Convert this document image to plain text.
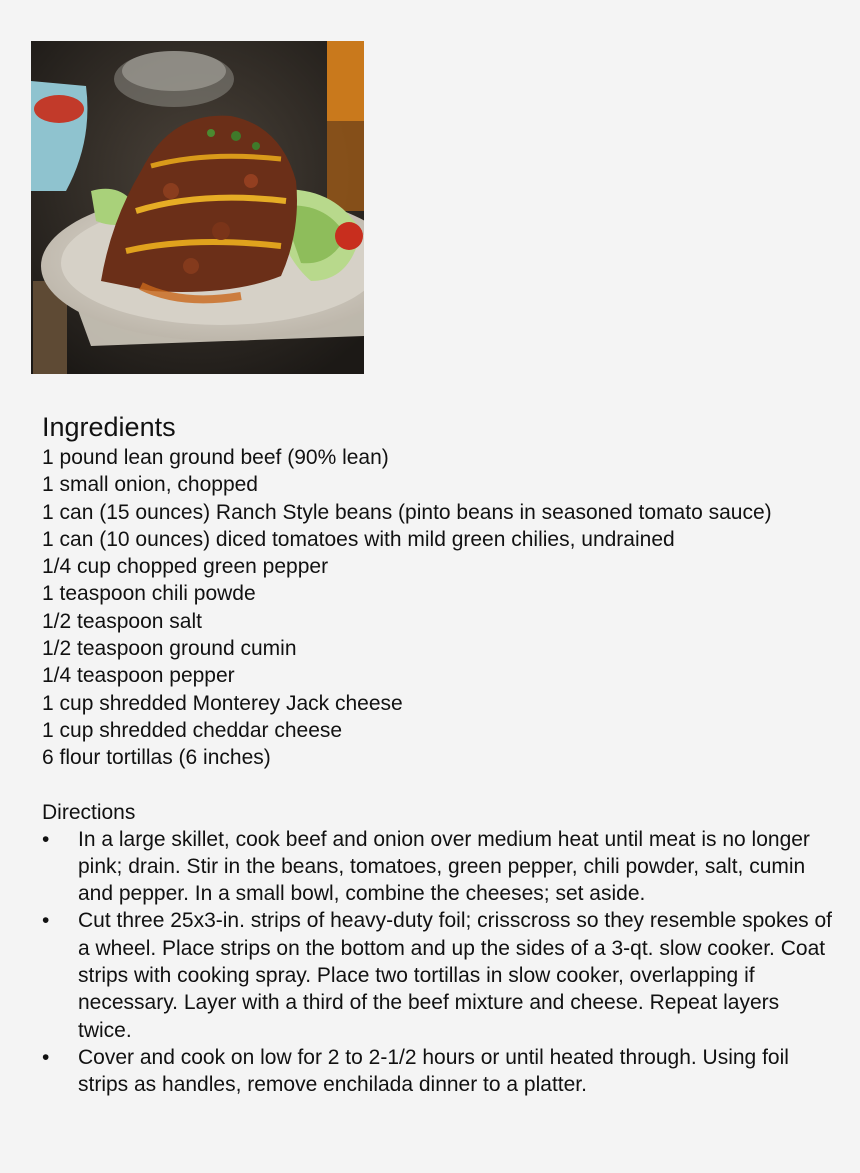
Ingredients
1 pound lean ground beef (90% lean)
1 small onion, chopped
1 can (15 ounces) Ranch Style beans (pinto beans in seasoned tomato sauce)
1 can (10 ounces) diced tomatoes with mild green chilies, undrained
1/4 cup chopped green pepper
1 teaspoon chili powde
1/2 teaspoon salt
1/2 teaspoon ground cumin
1/4 teaspoon pepper
1 cup shredded Monterey Jack cheese
1 cup shredded cheddar cheese
6 flour tortillas (6 inches)
Directions
• In a large skillet, cook beef and onion over medium heat until meat is no longer pink; drain. Stir in the beans, tomatoes, green pepper, chili powder, salt, cumin and pepper. In a small bowl, combine the cheeses; set aside.
• Cut three 25x3-in. strips of heavy-duty foil; crisscross so they resemble spokes of a wheel. Place strips on the bottom and up the sides of a 3-qt. slow cooker. Coat strips with cooking spray. Place two tortillas in slow cooker, overlapping if necessary. Layer with a third of the beef mixture and cheese. Repeat layers twice.
• Cover and cook on low for 2 to 2-1/2 hours or until heated through. Using foil strips as handles, remove enchilada dinner to a platter.
